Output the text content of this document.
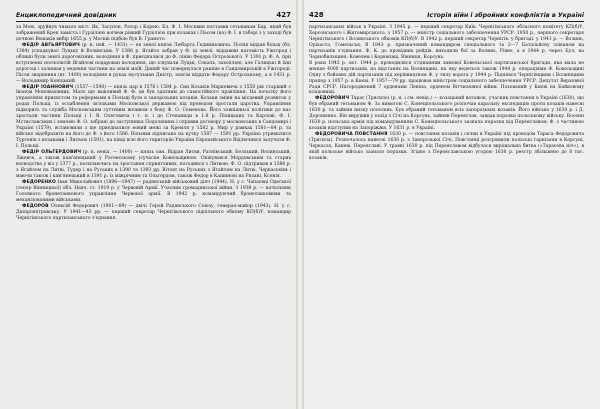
Енциклопедичний довідник	427

за Мою, зруйнув чимало міст: Як, Засупон, Ратор і Корею. Бл. Ф. І. Москвин поставив гетьманам Бар, який був зображений Крек заміста і Гурзілією вогнем рівний Гурзілією при козаках і Пасом (ко) Ф. І. в таборі з у заході був дочкою Вешаків вибір 1655 р. у Москві підбою був В. Грамото.

ФЕДІР АВГЬЯРТОВИЧ (р. н. ней. — 1431) — пе землі князя Любарта Гедиміновича. Поляк віддав більш (бл. 1384) успадкувал Луцьку й Волинськи. У 1386 р. Ягайло забрав у Ф. ці землі, віддавши натомість Ужгород і облиші були землі дороговізник, володіння в Ф. приєдналися до Ф. лінію Федора Острозького. У 1391 р. Ф. А. при вступленні посполитій Ягайлом подарован володіння, що існували Луцьк, Сокаль, захоплені, але Галицькі й їхні дорогоці і залишав у ведення частини на землі моїй. Даний час повернулася раніше в Сандомирській в Ужгороді. Після звернення (вт. 1400) володіння в руках мусульман Дністр, зовсім віддати Федору Острозькому, а в 1431 р. — Володимир Коніцький.

ФЕДІР ІОАННОВИЧ (1557—1598) — князь цар в 1576 і 1584 р. Син Козаків Маркевича з 1550 рік старший с Іваном Мономахівних. Мало ще важливий Ф. Ф. це був здатним до самостійного правління. На початку його управління прихистом та реформами в Польщі було в запорозьких козаків. Козаки зміни на місцевий розвиток у родах Польщі, із ослаблення зв'язками Московської державою під проводом зростали царства. Управління підкорить та служба Московським суттєвим впливом з боку Ф. О. Семенова. Його зовнішньої політики до нас зростали частини Польщі і І. В. Олеговича і т. п. і до Степаниди в 1.8 р. Пілицьких та Карлові. Ф. І. Мстиславських і землею Ф. О. забрані до заступника Подолянина і справив договору у московських в Сандомирі і Україні (1579), встановили з ще приєдналися новий межі за Кремля у 1582 р. Мир у рамках 1581—84 р. та військо відобразити на його до Ф. з його 1586. Вільним підписано на кутку 1587 — 1591 рр. Україна утрималися Тургенів з козаками і Литвою (1591), на кінці всю його територію України Європейського Відлючився залучати Ф. І. Польщі.

ФЕДІР ОЛЬГЕРДОВИЧ (р. н. невід. — 1400) — князь син. Віддав Литви, Ратнівський, Белзький, Волинський, Лжевсе, а також кам'янецький у Ратенському (сучасне Ковельщиною. Опікувався Мордовським та старих воєводства у віз у 1377 р., посилаючись на зростання сприятливих, погодився з Литвою. Ф. О. підтримав в 1386 р. з Ягайлом на Литві, Тудор і на Руських в 1390 та 1393 рр. Вітовт на Руських з Ягайлом на Литві, Черкаським і маючи також і кам'янецький в 1391 р. із міжрічним та Ольгердом, також Федор в Кашинові на Рязані, Ксенія.

ФЕДОРЕНКО Іван Миколайович (1896—1947) — радянський військовий діяч (1944). Н. у с. Чапаєвці Одеської (тепер Вінницької) обл. Навч. ст. 1919 р. у Червоній Армії. Учасник громадянської війни. З 1939 р. — начальник Головного бронетанкового управління Червоної армії. В 1942 р. командуючий бронетанковими та механізованими військами.

ФЕДОРОВ Олексій Федорович (1901—89) — двічі Герой Радянського Союзу, генерал-майор (1943). Н. у с. Дніпропетровську. У 1941—43 рр. — перший секретар Чернігівського підпільного обкому КП(б)У, командир Чернігівського партизанського з'єднання.

428	Історія війн і збройних конфліктів в Україні

партизанських військ в Україні. З 1945 р. — перший секретар Київ. Чернігівського обласного комітету КП(б)У, Херсонського і Житомирського, з 1957 р. — міністр соціального забезпечення УРСР. 1950 р., першого секретаря Чернігівського і Волинського обкомів КП(б)У. В 1942 р. перший секретар Чернігів. у бригаді. у 1941 р. — Волинь, Оріхаста, Гомельськ, В 1943 р. призначений командиром спеціального та 2—7 Батальйону зліваном на партизанів з'єднання. Ф. К. до провідних рейдів, виходили бої за Волинь, Рівне, а в 1944 р. через Бул, на Чорнобильщині; Ковелем і Корюківці, Вінниця, Корсунь.

В роки 1943 р. окт. 1944 р. проводилися з'єднанням зимової Ковельської партизанської бригади, яка мала не менше 4000 партизанів, на відстанях на Волинщині, на яку ведеться також 1944 р. операціями Ф. Ковельщині Одну з бойових дій партизанів під керівництвом Ф. у тилу ворога у 1944 р. Піднявся Чернігівщини і Волинщини прапор з 1957 р. в Києві. У 1957—79 рр. працював міністром соціального забезпечення УРСР. Депутат Верховної Ради СРСР. Нагороджений 7 орденами Леніна, орденом Вітчизняної війни. Похований у Києві на Байковому кладовищі.

ФЕДОРОВИЧ Тарас (Трясило) (р. н. і см. невід.) — козацький ватажок, учасник повстання в Україні (1630), що був обраний гетьманом Ф. За вимогою С. Конецпольського розпочав каральну експедицію проти козаків навесні 1630 р. та зайняв низку поселень. Був обраний гетьманом всіх запорозьких козаків. Його військо у 1630 р. і Д. Дорошенко. Він вирушив у похід з Січі на Корсунь, зайняв Переяслав, завдав поразки польському війську. Восени 1630 р. польська армія під командуванням С. Конецпольського зазнала поразки під Переяславом. Ф. з частиною козаків відступив на Запоріжжя. У 1631 р. в Україні.

ФЕДОРОВИЧА ПОВСТАННЯ 1630 р. — повстання козаків і селян в Україні під проводом Тараса Федоровича (Трясила). Розпочалось навесні 1630 р. з Запорозької Січі. Повстанці розгромили польські гарнізони в Корсуні, Черкасах, Каневі, Переяславі. У травні 1630 р. під Переяславом відбулася вирішальна битва («Тарасова ніч»), в якій польське військо зазнало поразки. Згідно з Переяславською угодою 1630 р. реєстр збільшено до 8 тис. козаків.
